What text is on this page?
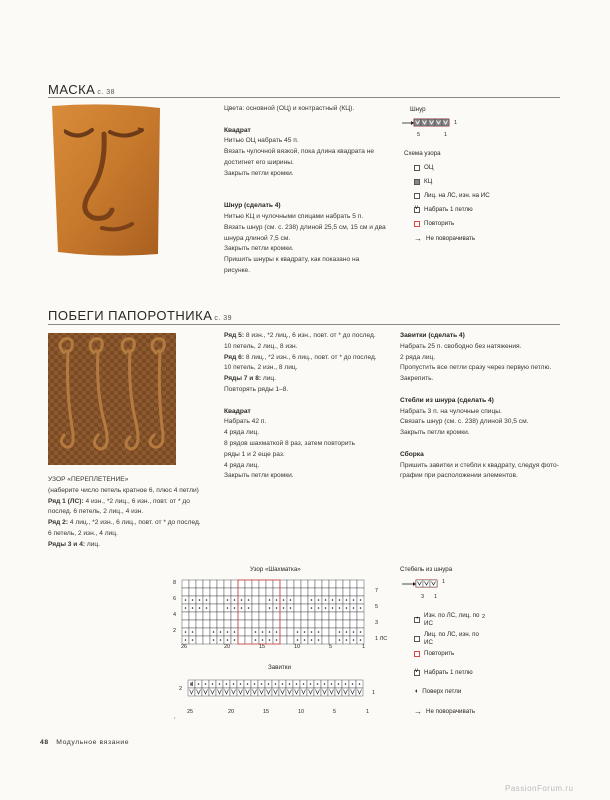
МАСКА с. 38

Цвета: основной (ОЦ) и контрастный (КЦ).

Квадрат

Нитью ОЦ набрать 45 п.

Вязать чулочной вязкой, пока длина квадрата не

достигнет его ширины.

Закрыть петли кромки.

Шнур (сделать 4)

Нитью КЦ и чулочными спицами набрать 5 п.

Вязать шнур (см. с. 238) длиной 25,5 см, 15 см и два

шнура длиной 7,5 см.

Закрыть петли кромки.

Пришить шнуры к квадрату, как показано на

рисунке.

Шнур
1
5	1
Схема узора
ПОБЕГИ ПАПОРОТНИКА с. 39

УЗОР «ПЕРЕПЛЕТЕНИЕ»

(наберите число петель кратное 6, плюс 4 петли)

Ряд 1 (ЛС): 4 изн., *2 лиц., 6 изн., повт. от * до

послед. 6 петель, 2 лиц., 4 изн.

Ряд 2: 4 лиц., *2 изн., 6 лиц., повт. от * до послед.

6 петель, 2 изн., 4 лиц.

Ряды 3 и 4: лиц.

Ряд 5: 8 изн., *2 лиц., 6 изн., повт. от * до послед.

10 петель, 2 лиц., 8 изн.

Ряд 6: 8 лиц., *2 изн., 6 лиц., повт. от * до послед.

10 петель, 2 изн., 8 лиц.

Ряды 7 и 8: лиц.

Повторять ряды 1–8.

Квадрат

Набрать 42 п.

4 ряда лиц.

8 рядов шахматкой 8 раз, затем повторить

ряды 1 и 2 еще раз.

4 ряда лиц.

Закрыть петли кромки.

Завитки (сделать 4)

Набрать 25 п. свободно без натяжения.

2 ряда лиц.

Пропустить все петли сразу через первую петлю.

Закрепить.

Стебли из шнура (сделать 4)

Набрать 3 п. на чулочные спицы.

Связать шнур (см. с. 238) длиной 30,5 см.

Закрыть петли кромки.

Сборка

Пришить завитки и стебли к квадрату, следуя фото-

графии при расположении элементов.

Узор «Шахматка»
Завитки
d
,
Стебель из шнура
1
3 1
2
48 Модульное вязание
PassionForum.ru
ОЦ
КЦ
Лиц. на ЛС, изн. на ИС
v Набрать 1 петлю
Повторить
→ Не поворачивать
• Изн. по ЛС, лиц. по ИС
Лиц. по ЛС, изн. по ИС
Повторить
v Набрать 1 петлю
◖ Поверх петли
→ Не поворачивать
8
6
4
2
7
5
3
1 ЛС
26	20	15	10	5	1
2
1
25	20	15	10	5	1
